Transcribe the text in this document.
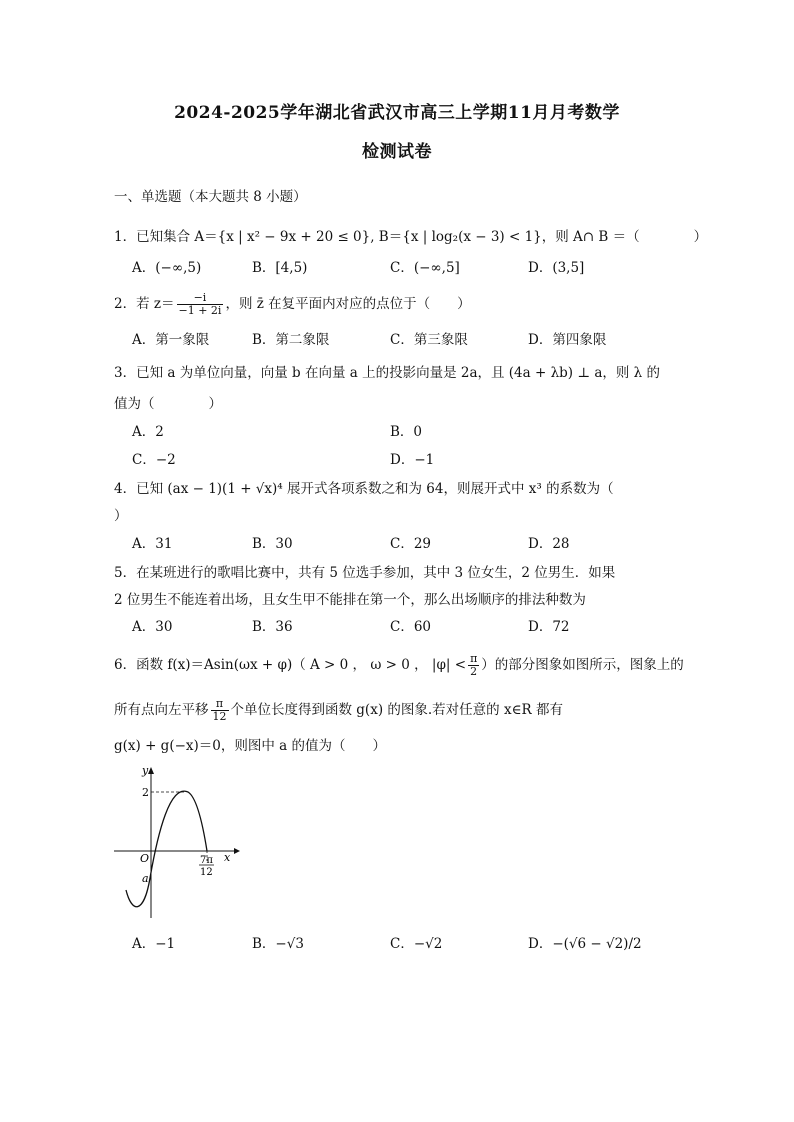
2024-2025学年湖北省武汉市高三上学期11月月考数学
检测试卷
一、单选题（本大题共 8 小题）
1．已知集合 A＝{x | x² − 9x + 20 ≤ 0}, B＝{x | log₂(x − 3) < 1}，则 A∩ B ＝（　　　　）
A．(−∞,5)	B．[4,5)	C．(−∞,5]	D．(3,5]
2．若 $z= \frac{-i}{-1 + 2i}$ ，则 z̄ 在复平面内对应的点位于（　　）
A．第一象限	B．第二象限	C．第三象限	D．第四象限
3．已知 a 为单位向量，向量 b 在向量 a 上的投影向量是 2a，且 (4a + λb) ⊥ a，则 λ 的
值为（　　　　）
A．2	B．0
C．−2	D．−1
4．已知 (ax − 1)(1 + √x)⁴ 展开式各项系数之和为 64，则展开式中 x³ 的系数为（
）
A．31	B．30	C．29	D．28
5．在某班进行的歌唱比赛中，共有 5 位选手参加，其中 3 位女生，2 位男生．如果
2 位男生不能连着出场，且女生甲不能排在第一个，那么出场顺序的排法种数为
A．30	B．36	C．60	D．72
6．函数 f(x)＝Asin(ωx + φ)（ A > 0 ， ω > 0 ， $|\varphi| < \frac{\pi}{2}$ ）的部分图象如图所示，图象上的
所有点向左平移 $\frac{\pi}{12}$ 个单位长度得到函数 g(x) 的图象.若对任意的 x∈R 都有
g(x) + g(−x)＝0，则图中 a 的值为（　　）
y
x
O
2
a
7π
12
A．−1	B．−√3	C．−√2	D．−(√6 − √2)/2
